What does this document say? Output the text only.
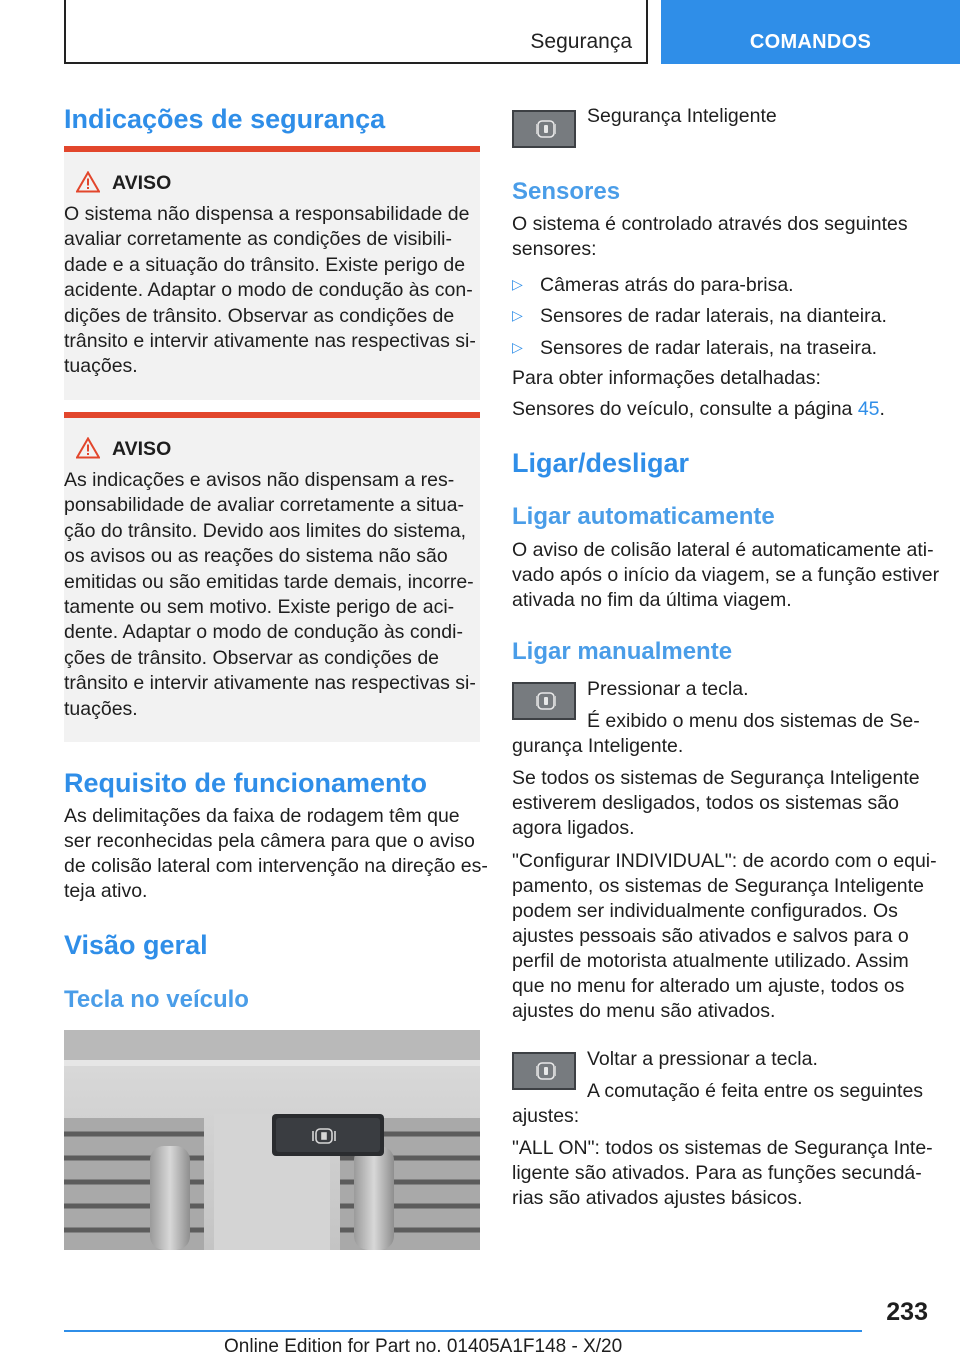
Segurança	COMANDOS
Indicações de segurança
AVISO
O sistema não dispensa a responsabilidade de
avaliar corretamente as condições de visibili‐
dade e a situação do trânsito. Existe perigo de
acidente. Adaptar o modo de condução às con‐
dições de trânsito. Observar as condições de
trânsito e intervir ativamente nas respectivas si‐
tuações.
AVISO
As indicações e avisos não dispensam a res‐
ponsabilidade de avaliar corretamente a situa‐
ção do trânsito. Devido aos limites do sistema,
os avisos ou as reações do sistema não são
emitidas ou são emitidas tarde demais, incorre‐
tamente ou sem motivo. Existe perigo de aci‐
dente. Adaptar o modo de condução às condi‐
ções de trânsito. Observar as condições de
trânsito e intervir ativamente nas respectivas si‐
tuações.
Requisito de funcionamento
As delimitações da faixa de rodagem têm que
ser reconhecidas pela câmera para que o aviso
de colisão lateral com intervenção na direção es‐
teja ativo.
Visão geral
Tecla no veículo
Segurança Inteligente
Sensores
O sistema é controlado através dos seguintes
sensores:
▷ Câmeras atrás do para-brisa.
▷ Sensores de radar laterais, na dianteira.
▷ Sensores de radar laterais, na traseira.
Para obter informações detalhadas:
Sensores do veículo, consulte a página 45.
Ligar/desligar
Ligar automaticamente
O aviso de colisão lateral é automaticamente ati‐
vado após o início da viagem, se a função estiver
ativada no fim da última viagem.
Ligar manualmente
Pressionar a tecla.
É exibido o menu dos sistemas de Se‐
gurança Inteligente.
Se todos os sistemas de Segurança Inteligente
estiverem desligados, todos os sistemas são
agora ligados.
"Configurar INDIVIDUAL": de acordo com o equi‐
pamento, os sistemas de Segurança Inteligente
podem ser individualmente configurados. Os
ajustes pessoais são ativados e salvos para o
perfil de motorista atualmente utilizado. Assim
que no menu for alterado um ajuste, todos os
ajustes do menu são ativados.
Voltar a pressionar a tecla.
A comutação é feita entre os seguintes
ajustes:
"ALL ON": todos os sistemas de Segurança Inte‐
ligente são ativados. Para as funções secundá‐
rias são ativados ajustes básicos.
233
Online Edition for Part no. 01405A1F148 - X/20
